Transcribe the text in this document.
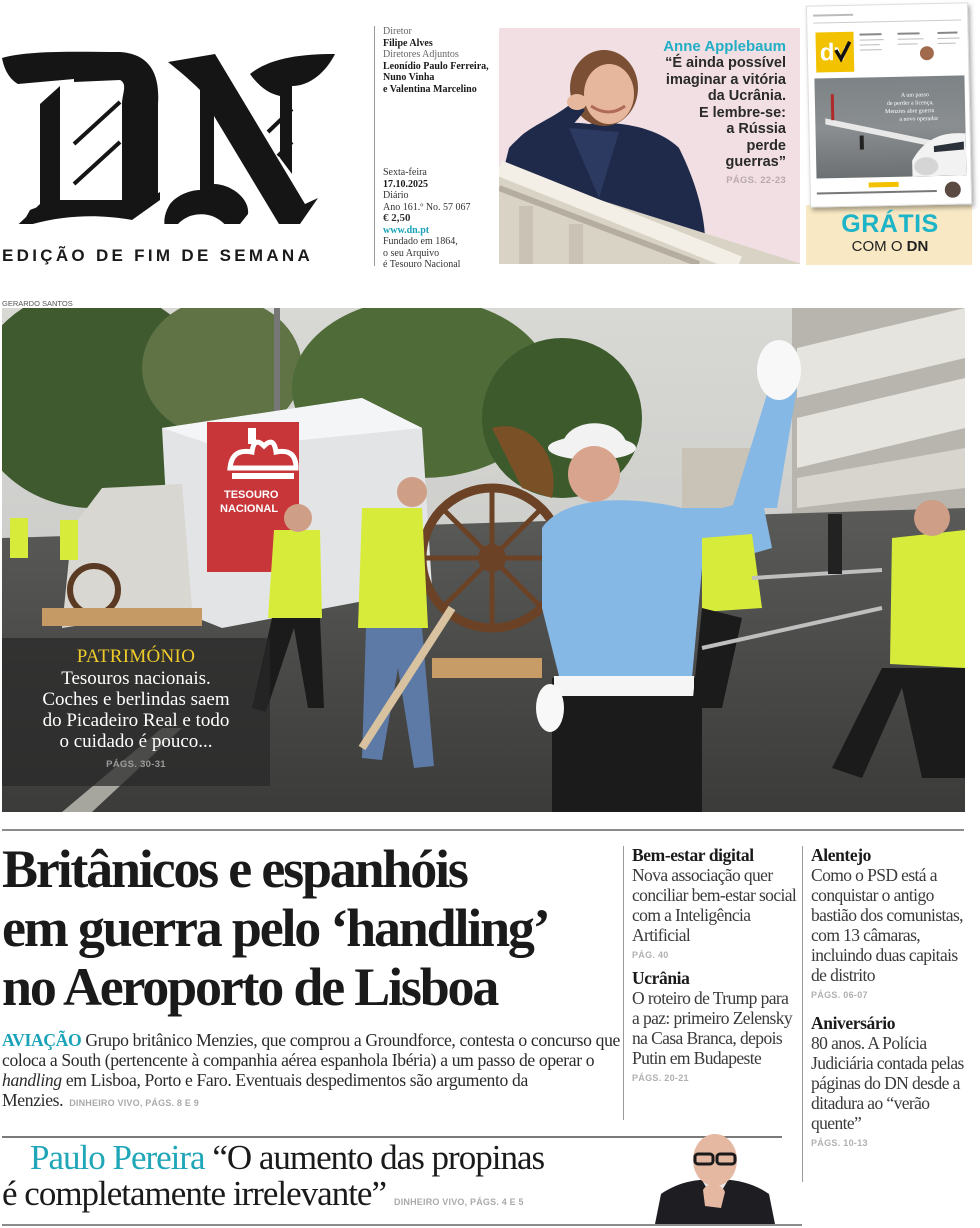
EDIÇÃO DE FIM DE SEMANA
Diretor
Filipe Alves
Diretores Adjuntos
Leonídio Paulo Ferreira,
Nuno Vinha
e Valentina Marcelino
Sexta-feira
17.10.2025
Diário
Ano 161.º No. 57 067
€ 2,50
www.dn.pt
Fundado em 1864,
o seu Arquivo
é Tesouro Nacional
Anne Applebaum
“É ainda possível
imaginar a vitória
da Ucrânia.
E lembre-se:
a Rússia
perde
guerras”
PÁGS. 22-23
dv
A um passo
de perder a licença,
Menzies abre guerra
a novo operador
GRÁTIS
COM O DN
GERARDO SANTOS
TESOURO
NACIONAL
PATRIMÓNIO
Tesouros nacionais.
Coches e berlindas saem
do Picadeiro Real e todo
o cuidado é pouco...
PÁGS. 30-31
Britânicos e espanhóis
em guerra pelo ‘handling’
no Aeroporto de Lisboa
AVIAÇÃO Grupo britânico Menzies, que comprou a Groundforce, contesta o concurso que coloca a South (pertencente à companhia aérea espanhola Ibéria) a um passo de operar o handling em Lisboa, Porto e Faro. Eventuais despedimentos são argumento da Menzies. DINHEIRO VIVO, PÁGS. 8 E 9
Paulo Pereira “O aumento das propinas
é completamente irrelevante” DINHEIRO VIVO, PÁGS. 4 E 5
Bem-estar digital
Nova associação quer conciliar bem-estar social com a Inteligência Artificial
PÁG. 40
Ucrânia
O roteiro de Trump para a paz: primeiro Zelensky na Casa Branca, depois Putin em Budapeste
PÁGS. 20-21
Alentejo
Como o PSD está a conquistar o antigo bastião dos comunistas, com 13 câmaras, incluindo duas capitais de distrito
PÁGS. 06-07
Aniversário
80 anos. A Polícia Judiciária contada pelas páginas do DN desde a ditadura ao “verão quente”
PÁGS. 10-13
